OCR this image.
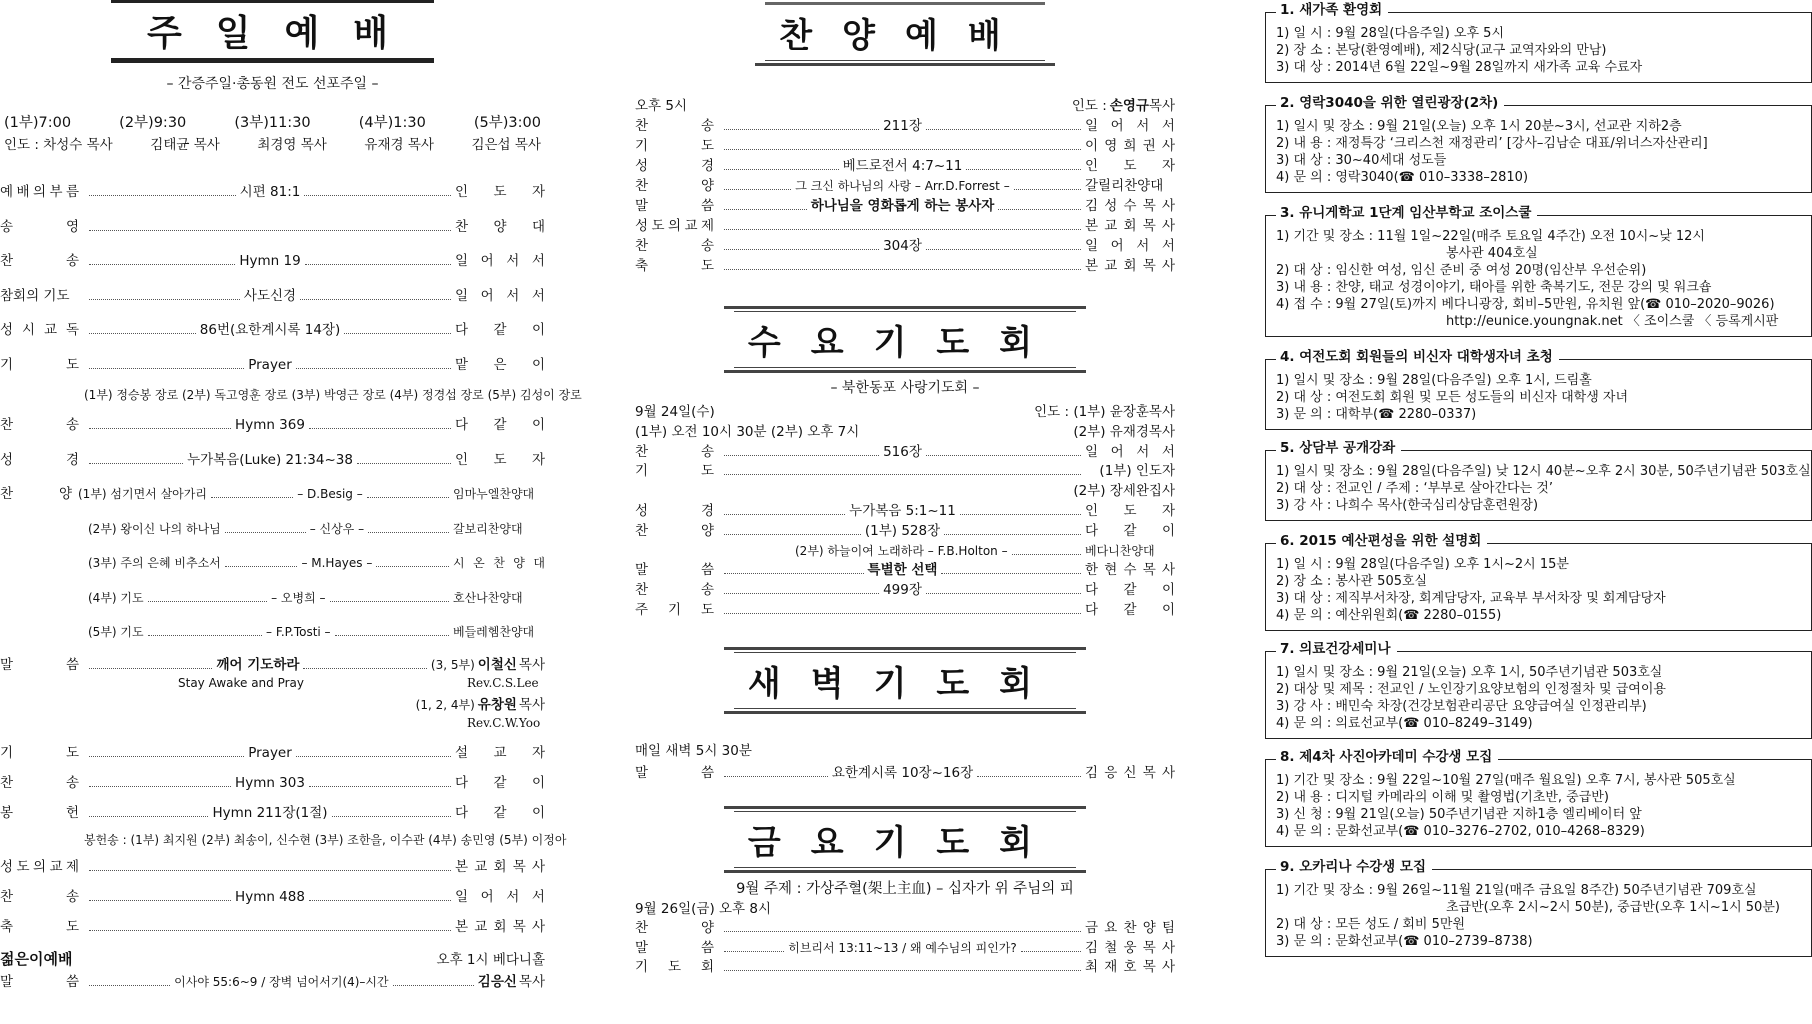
주일예배
– 간증주일·총동원 전도 선포주일 –
(1부)7:00	(2부)9:30	(3부)11:30	(4부)1:30	(5부)3:00
인도 : 차성수 목사	김태균 목사	최경영 목사	유재경 목사	김은섭 목사
예 배 의 부 름	시편 81:1	인 도 자
송	영	찬 양 대
찬	송	Hymn 19	일 어 서 서
참회의 기도	사도신경	일 어 서 서
성 시 교 독	86번(요한계시록 14장)	다 같 이
기	도	Prayer	맡 은 이
(1부) 정승봉 장로 (2부) 독고영훈 장로 (3부) 박영근 장로 (4부) 정경섭 장로 (5부) 김성이 장로
찬	송	Hymn 369	다 같 이
성	경	누가복음(Luke) 21:34~38	인 도 자
찬	양 (1부) 섬기면서 살아가리	– D.Besig –	임마누엘찬양대
(2부) 왕이신 나의 하나님	– 신상우 –	갈보리찬양대
(3부) 주의 은혜 비추소서	– M.Hayes –	시 온 찬 양 대
(4부) 기도	– 오병희 –	호산나찬양대
(5부) 기도	– F.P.Tosti –	베들레헴찬양대
말	씀	깨어 기도하라	(3, 5부) 이철신 목사
Stay Awake and Pray	Rev.C.S.Lee
(1, 2, 4부) 유창원 목사
Rev.C.W.Yoo
기	도	Prayer	설 교 자
찬	송	Hymn 303	다 같 이
봉	헌	Hymn 211장(1절)	다 같 이
봉헌송 : (1부) 최지원 (2부) 최송이, 신수현 (3부) 조한을, 이수관 (4부) 송민영 (5부) 이정아
성 도 의 교 제	본 교 회 목 사
찬	송	Hymn 488	일 어 서 서
축	도	본 교 회 목 사
젊은이예배	오후 1시 베다니홀
말	씀	이사야 55:6~9 / 장벽 넘어서기(4)–시간	김응신 목사
찬양예배
오후 5시	인도 : 손영규 목사
찬	송	211장	일 어 서 서
기	도	이 영 희 권 사
성	경	베드로전서 4:7~11	인 도 자
찬	양	그 크신 하나님의 사랑 – Arr.D.Forrest –	갈릴리찬양대
말	씀	하나님을 영화롭게 하는 봉사자	김 성 수 목 사
성 도 의 교 제	본 교 회 목 사
찬	송	304장	일 어 서 서
축	도	본 교 회 목 사
수요기도회
– 북한동포 사랑기도회 –
9월 24일(수)	인도 : (1부) 윤장훈 목사
(1부) 오전 10시 30분 (2부) 오후 7시	(2부) 유재경 목사
찬	송	516장	일 어 서 서
기	도	(1부) 인도자
(2부) 장세완집사
성	경	누가복음 5:1~11	인 도 자
찬	양	(1부) 528장	다 같 이
(2부) 하늘이여 노래하라 – F.B.Holton –	베다니찬양대
말	씀	특별한 선택	한 현 수 목 사
찬	송	499장	다 같 이
주 기 도	다 같 이
새벽기도회
매일 새벽 5시 30분
말	씀	요한계시록 10장~16장	김 응 신 목 사
금요기도회
9월 주제 : 가상주혈(架上主血) – 십자가 위 주님의 피
9월 26일(금) 오후 8시
찬	양	금 요 찬 양 팀
말	씀	히브리서 13:11~13 / 왜 예수님의 피인가?	김 철 웅 목 사
기 도 회	최 재 호 목 사
1. 새가족 환영회
1) 일 시 : 9월 28일(다음주일) 오후 5시
2) 장 소 : 본당(환영예배), 제2식당(교구 교역자와의 만남)
3) 대 상 : 2014년 6월 22일~9월 28일까지 새가족 교육 수료자
2. 영락3040을 위한 열린광장(2차)
1) 일시 및 장소 : 9월 21일(오늘) 오후 1시 20분~3시, 선교관 지하2층
2) 내 용 : 재정특강 ‘크리스천 재정관리’ [강사–김남순 대표/위너스자산관리]
3) 대 상 : 30~40세대 성도들
4) 문 의 : 영락3040(☎ 010–3338–2810)
3. 유니게학교 1단계 임산부학교 조이스쿨
1) 기간 및 장소 : 11월 1일~22일(매주 토요일 4주간) 오전 10시~낮 12시
봉사관 404호실
2) 대 상 : 임신한 여성, 임신 준비 중 여성 20명(임산부 우선순위)
3) 내 용 : 찬양, 태교 성경이야기, 태아를 위한 축복기도, 전문 강의 및 워크숍
4) 접 수 : 9월 27일(토)까지 베다니광장, 회비–5만원, 유치원 앞(☎ 010–2020–9026)
http://eunice.youngnak.net 〈 조이스쿨 〈 등록게시판
4. 여전도회 회원들의 비신자 대학생자녀 초청
1) 일시 및 장소 : 9월 28일(다음주일) 오후 1시, 드림홀
2) 대 상 : 여전도회 회원 및 모든 성도들의 비신자 대학생 자녀
3) 문 의 : 대학부(☎ 2280–0337)
5. 상담부 공개강좌
1) 일시 및 장소 : 9월 28일(다음주일) 낮 12시 40분~오후 2시 30분, 50주년기념관 503호실
2) 대 상 : 전교인 / 주제 : ‘부부로 살아간다는 것’
3) 강 사 : 나희수 목사(한국심리상담훈련원장)
6. 2015 예산편성을 위한 설명회
1) 일 시 : 9월 28일(다음주일) 오후 1시~2시 15분
2) 장 소 : 봉사관 505호실
3) 대 상 : 제직부서차장, 회계담당자, 교육부 부서차장 및 회계담당자
4) 문 의 : 예산위원회(☎ 2280–0155)
7. 의료건강세미나
1) 일시 및 장소 : 9월 21일(오늘) 오후 1시, 50주년기념관 503호실
2) 대상 및 제목 : 전교인 / 노인장기요양보험의 인정절차 및 급여이용
3) 강 사 : 배민숙 차장(건강보험관리공단 요양급여실 인정관리부)
4) 문 의 : 의료선교부(☎ 010–8249–3149)
8. 제4차 사진아카데미 수강생 모집
1) 기간 및 장소 : 9월 22일~10월 27일(매주 월요일) 오후 7시, 봉사관 505호실
2) 내 용 : 디지털 카메라의 이해 및 촬영법(기초반, 중급반)
3) 신 청 : 9월 21일(오늘) 50주년기념관 지하1층 엘리베이터 앞
4) 문 의 : 문화선교부(☎ 010–3276–2702, 010–4268–8329)
9. 오카리나 수강생 모집
1) 기간 및 장소 : 9월 26일~11월 21일(매주 금요일 8주간) 50주년기념관 709호실
초급반(오후 2시~2시 50분), 중급반(오후 1시~1시 50분)
2) 대 상 : 모든 성도 / 회비 5만원
3) 문 의 : 문화선교부(☎ 010–2739–8738)
